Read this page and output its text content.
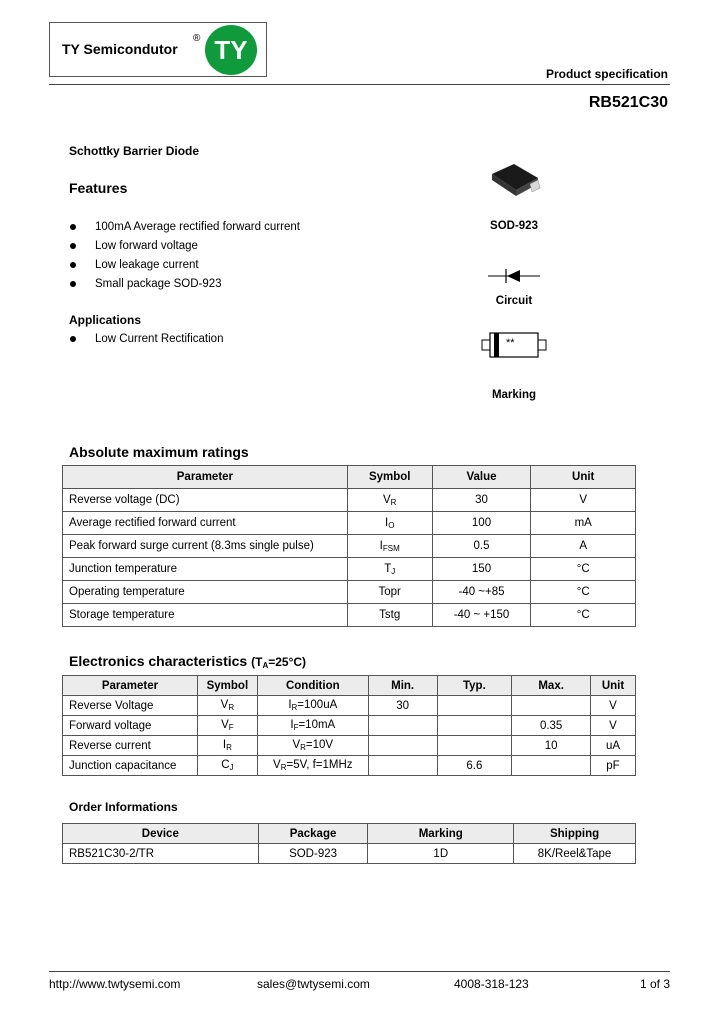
TY Semicondutor
® TY
Product specification
RB521C30
Schottky Barrier Diode
Features
100mA Average rectified forward current
Low forward voltage
Low leakage current
Small package SOD-923
Applications
Low Current Rectification
SOD-923
Circuit
**
Marking
Absolute maximum ratings
Parameter	Symbol	Value	Unit
Reverse voltage (DC)	$V_R$	30	V
Average rectified forward current	$I_O$	100	mA
Peak forward surge current (8.3ms single pulse)	$I_{FSM}$	0.5	A
Junction temperature	$T_J$	150	°C
Operating temperature	Topr	-40 ~+85	°C
Storage temperature	Tstg	-40 ~ +150	°C
Electronics characteristics $(T_A=25^\circ C)$
Parameter	Symbol	Condition	Min.	Typ.	Max.	Unit
Reverse Voltage	$V_R$	$I_R=100uA$	30			V
Forward voltage	$V_F$	$I_F=10mA$			0.35	V
Reverse current	$I_R$	$V_R=10V$			10	uA
Junction capacitance	$C_J$	$V_R=5V$, f=1MHz		6.6		pF
Order Informations
Device	Package	Marking	Shipping
RB521C30-2/TR	SOD-923	1D	8K/Reel&Tape
http://www.twtysemi.com	sales@twtysemi.com	4008-318-123	1 of 3
